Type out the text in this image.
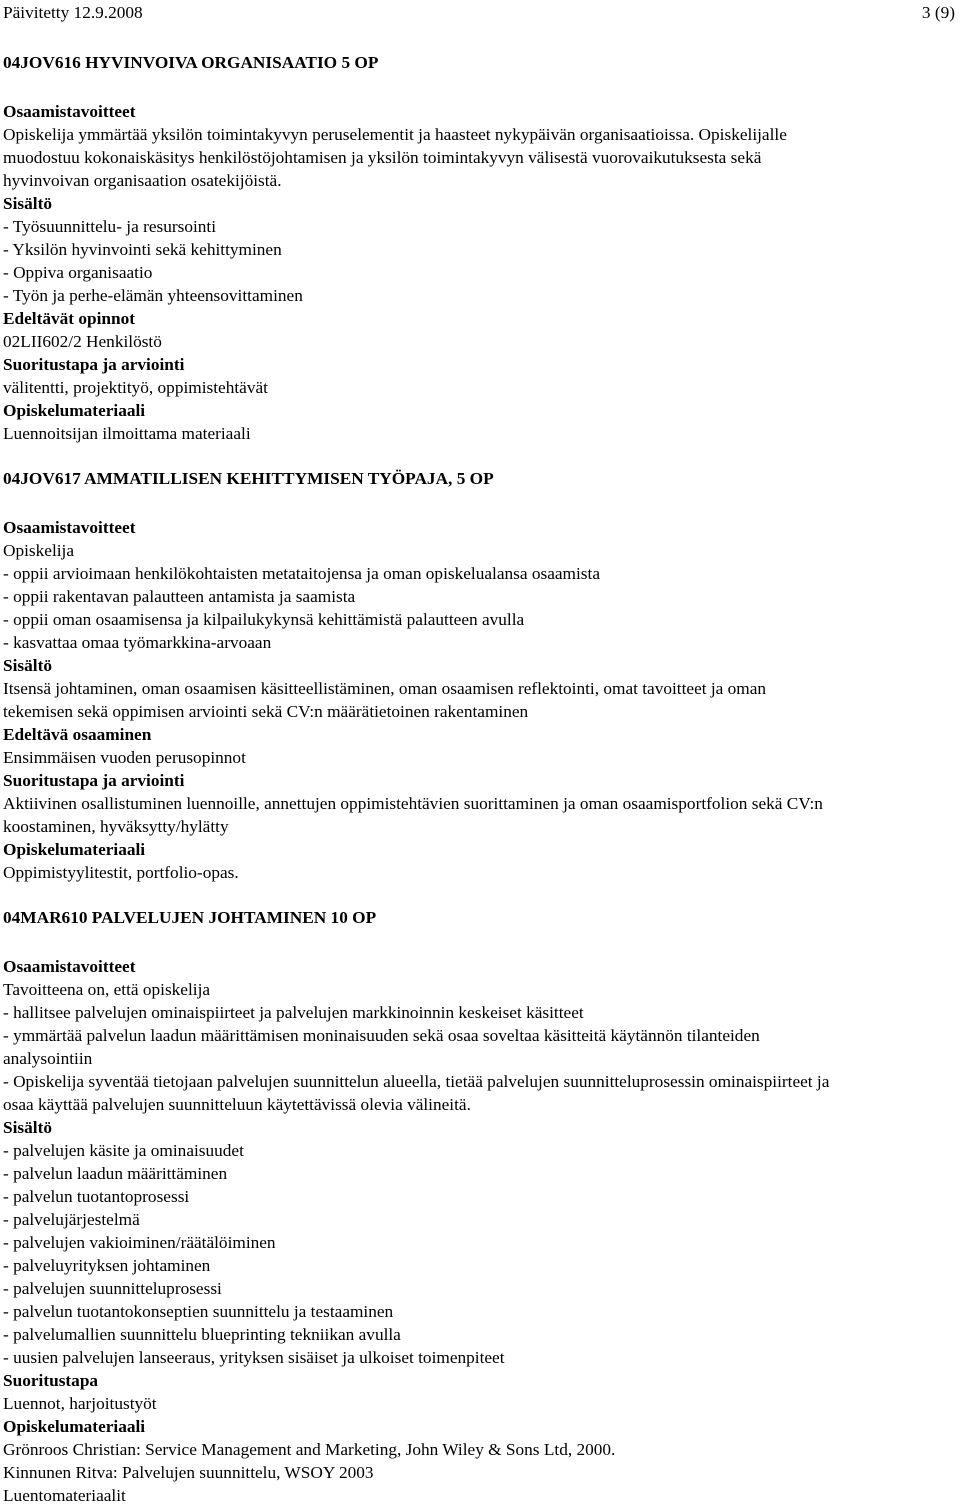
Päivitetty 12.9.2008	3 (9)
04JOV616 HYVINVOIVA ORGANISAATIO 5 OP
Osaamistavoitteet
Opiskelija ymmärtää yksilön toimintakyvyn peruselementit ja haasteet nykypäivän organisaatioissa. Opiskelijalle
muodostuu kokonaiskäsitys henkilöstöjohtamisen ja yksilön toimintakyvyn välisestä vuorovaikutuksesta sekä
hyvinvoivan organisaation osatekijöistä.
Sisältö
- Työsuunnittelu- ja resursointi
- Yksilön hyvinvointi sekä kehittyminen
- Oppiva organisaatio
- Työn ja perhe-elämän yhteensovittaminen
Edeltävät opinnot
02LII602/2 Henkilöstö
Suoritustapa ja arviointi
välitentti, projektityö, oppimistehtävät
Opiskelumateriaali
Luennoitsijan ilmoittama materiaali
04JOV617 AMMATILLISEN KEHITTYMISEN TYÖPAJA, 5 OP
Osaamistavoitteet
Opiskelija
- oppii arvioimaan henkilökohtaisten metataitojensa ja oman opiskelualansa osaamista
- oppii rakentavan palautteen antamista ja saamista
- oppii oman osaamisensa ja kilpailukykynsä kehittämistä palautteen avulla
- kasvattaa omaa työmarkkina-arvoaan
Sisältö
Itsensä johtaminen, oman osaamisen käsitteellistäminen, oman osaamisen reflektointi, omat tavoitteet ja oman
tekemisen sekä oppimisen arviointi sekä CV:n määrätietoinen rakentaminen
Edeltävä osaaminen
Ensimmäisen vuoden perusopinnot
Suoritustapa ja arviointi
Aktiivinen osallistuminen luennoille, annettujen oppimistehtävien suorittaminen ja oman osaamisportfolion sekä CV:n
koostaminen, hyväksytty/hylätty
Opiskelumateriaali
Oppimistyylitestit, portfolio-opas.
04MAR610 PALVELUJEN JOHTAMINEN 10 OP
Osaamistavoitteet
Tavoitteena on, että opiskelija
- hallitsee palvelujen ominaispiirteet ja palvelujen markkinoinnin keskeiset käsitteet
- ymmärtää palvelun laadun määrittämisen moninaisuuden sekä osaa soveltaa käsitteitä käytännön tilanteiden
analysointiin
- Opiskelija syventää tietojaan palvelujen suunnittelun alueella, tietää palvelujen suunnitteluprosessin ominaispiirteet ja
osaa käyttää palvelujen suunnitteluun käytettävissä olevia välineitä.
Sisältö
- palvelujen käsite ja ominaisuudet
- palvelun laadun määrittäminen
- palvelun tuotantoprosessi
- palvelujärjestelmä
- palvelujen vakioiminen/räätälöiminen
- palveluyrityksen johtaminen
- palvelujen suunnitteluprosessi
- palvelun tuotantokonseptien suunnittelu ja testaaminen
- palvelumallien suunnittelu blueprinting tekniikan avulla
- uusien palvelujen lanseeraus, yrityksen sisäiset ja ulkoiset toimenpiteet
Suoritustapa
Luennot, harjoitustyöt
Opiskelumateriaali
Grönroos Christian: Service Management and Marketing, John Wiley & Sons Ltd, 2000.
Kinnunen Ritva: Palvelujen suunnittelu, WSOY 2003
Luentomateriaalit
